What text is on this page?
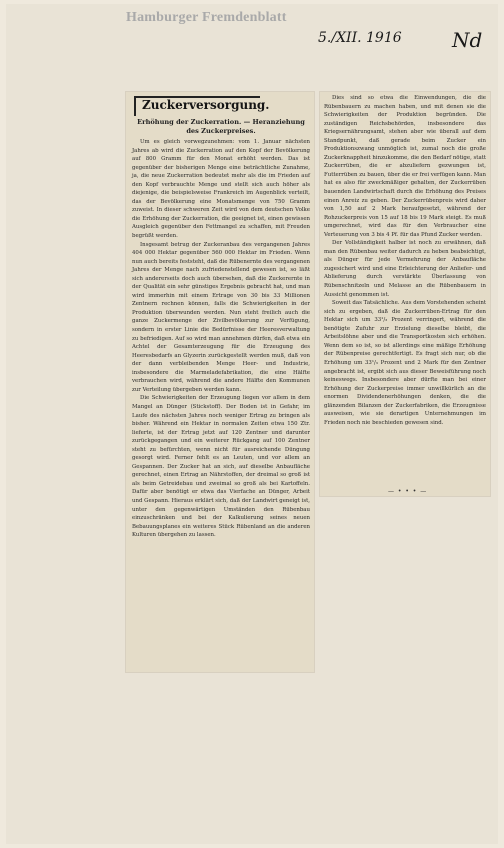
Hamburger Fremdenblatt
5./XII. 1916	Nd
Zuckerversorgung.
Erhöhung der Zuckerration. — Heranziehung des Zuckerpreises.

Um es gleich vorwegzunehmen: vom 1. Januar nächsten Jahres ab wird die Zuckerration auf den Kopf der Bevölkerung auf 800 Gramm für den Monat erhöht werden. Das ist gegenüber der bisherigen Menge eine beträchtliche Zunahme, ja, die neue Zuckerration bedeutet mehr als die im Frieden auf den Kopf verbrauchte Menge und stellt sich auch höher als diejenige, die beispielsweise Frankreich im Augenblick verteilt, das der Bevölkerung eine Monatsmenge von 750 Gramm zuweist. In dieser schweren Zeit wird von dem deutschen Volke die Erhöhung der Zuckerration, die geeignet ist, einen gewissen Ausgleich gegenüber den Fettmangel zu schaffen, mit Freuden begrüßt werden.

Insgesamt betrug der Zuckeranbau des vergangenen Jahres 404 000 Hektar gegenüber 560 000 Hektar im Frieden. Wenn nun auch bereits feststeht, daß die Rübenernte des vergangenen Jahres der Menge nach zufriedenstellend gewesen ist, so läßt sich andererseits doch auch übersehen, daß die Zuckerernte in der Qualität ein sehr günstiges Ergebnis gebracht hat, und man wird immerhin mit einem Ertrage von 30 bis 33 Millionen Zentnern rechnen können, falls die Schwierigkeiten in der Produktion überwunden werden. Nun steht freilich auch die ganze Zuckermenge der Zivilbevölkerung zur Verfügung, sondern in erster Linie die Bedürfnisse der Heeresverwaltung zu befriedigen. Auf so wird man annehmen dürfen, daß etwa ein Achtel der Gesamterzeugung für die Erzeugung des Heeresbedarfs an Glyzerin zurückgestellt werden muß, daß von der dann verbleibenden Menge Heer- und Industrie, insbesondere die Marmeladefabrikation, die eine Hälfte verbrauchen wird, während die andere Hälfte den Kommunen zur Verteilung übergeben werden kann.

Die Schwierigkeiten der Erzeugung liegen vor allem in dem Mangel an Dünger (Stickstoff). Der Boden ist in Gefahr, im Laufe des nächsten Jahres noch weniger Ertrag zu bringen als bisher. Während ein Hektar in normalen Zeiten etwa 150 Ztr. lieferte, ist der Ertrag jetzt auf 120 Zentner und darunter zurückgegangen und ein weiterer Rückgang auf 100 Zentner steht zu befürchten, wenn nicht für ausreichende Düngung gesorgt wird. Ferner fehlt es an Leuten, und vor allem an Gespannen. Der Zucker hat an sich, auf dieselbe Anbaufläche gerechnet, einen Ertrag an Nährstoffen, der dreimal so groß ist als beim Getreidebau und zweimal so groß als bei Kartoffeln. Dafür aber benötigt er etwa das Vierfache an Dünger, Arbeit und Gespann. Hieraus erklärt sich, daß der Landwirt geneigt ist, unter den gegenwärtigen Umständen den Rübenbau einzuschränken und bei der Kalkulierung seines neuen Bebauungsplanes ein weiteres Stück Rübenland an die anderen Kulturen übergehen zu lassen.

Dies sind so etwa die Einwendungen, die die Rübenbauern zu machen haben, und mit denen sie die Schwierigkeiten der Produktion begründen. Die zuständigen Reichsbehörden, insbesondere das Kriegsernährungsamt, stehen aber wie überall auf dem Standpunkt, daß gerade beim Zucker ein Produktionszwang unmöglich ist, zumal noch die große Zuckerknappheit hinzukomme, die den Bedarf nötige, statt Zuckerrüben, die er abzuliefern gezwungen ist, Futterrüben zu bauen, über die er frei verfügen kann. Man hat es also für zweckmäßiger gehalten, der Zuckerrüben bauenden Landwirtschaft durch die Erhöhung des Preises einen Anreiz zu geben. Der Zuckerrübenpreis wird daher von 1,50 auf 2 Mark heraufgesetzt, während der Rohzuckerpreis von 15 auf 18 bis 19 Mark steigt. Es muß umgerechnet, wird das für den Verbraucher eine Verteuerung von 3 bis 4 Pf. für das Pfund Zucker werden.

Der Vollständigkeit halber ist noch zu erwähnen, daß man den Rübenbau weiter dadurch zu heben beabsichtigt, als Dünger für jede Vermehrung der Anbaufläche zugesichert wird und eine Erleichterung der Anliefer- und Ablieferung durch verstärkte Überlassung von Rübenschnitzeln und Melasse an die Rübenbauern in Aussicht genommen ist.

Soweit das Tatsächliche. Aus dem Vorstehenden scheint sich zu ergeben, daß die Zuckerrüben-Ertrag für den Hektar sich um 33¹/₃ Prozent verringert, während die benötigte Zufuhr zur Erzielung dieselbe bleibt, die Arbeitslöhne aber und die Transportkosten sich erhöhen. Wenn dem so ist, so ist allerdings eine mäßige Erhöhung der Rübenpreise gerechtfertigt. Es fragt sich nur, ob die Erhöhung um 33¹/₃ Prozent und 2 Mark für den Zentner angebracht ist, ergibt sich aus dieser Beweisführung noch keineswegs. Insbesondere aber dürfte man bei einer Erhöhung der Zuckerpreise immer unwillkürlich an die enormen Dividendenerhöhungen denken, die die glänzenden Bilanzen der Zuckerfabriken, die Erzeugnisse ausweisen, wie sie derartigen Unternehmungen im Frieden noch nie beschieden gewesen sind.

— • • • —
